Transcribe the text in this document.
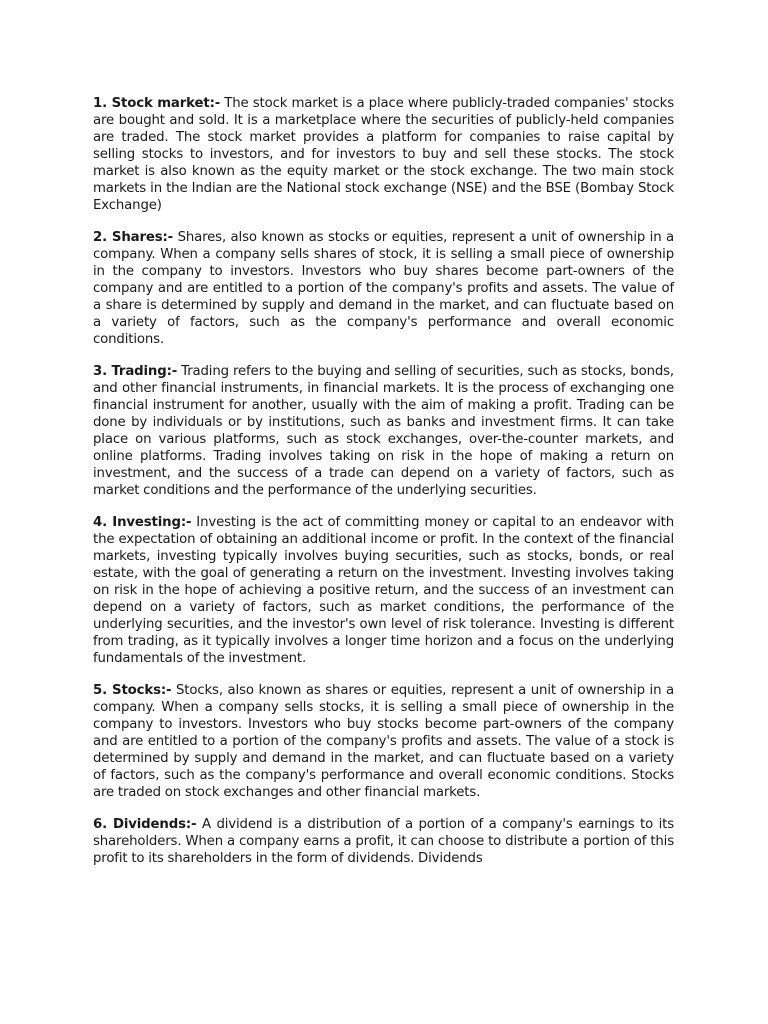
1. Stock market:- The stock market is a place where publicly-traded companies' stocks are bought and sold. It is a marketplace where the securities of publicly-held companies are traded. The stock market provides a platform for companies to raise capital by selling stocks to investors, and for investors to buy and sell these stocks. The stock market is also known as the equity market or the stock exchange. The two main stock markets in the Indian are the National stock exchange (NSE) and the BSE (Bombay Stock Exchange)

2. Shares:- Shares, also known as stocks or equities, represent a unit of ownership in a company. When a company sells shares of stock, it is selling a small piece of ownership in the company to investors. Investors who buy shares become part-owners of the company and are entitled to a portion of the company's profits and assets. The value of a share is determined by supply and demand in the market, and can fluctuate based on a variety of factors, such as the company's performance and overall economic conditions.

3. Trading:- Trading refers to the buying and selling of securities, such as stocks, bonds, and other financial instruments, in financial markets. It is the process of exchanging one financial instrument for another, usually with the aim of making a profit. Trading can be done by individuals or by institutions, such as banks and investment firms. It can take place on various platforms, such as stock exchanges, over-the-counter markets, and online platforms. Trading involves taking on risk in the hope of making a return on investment, and the success of a trade can depend on a variety of factors, such as market conditions and the performance of the underlying securities.

4. Investing:- Investing is the act of committing money or capital to an endeavor with the expectation of obtaining an additional income or profit. In the context of the financial markets, investing typically involves buying securities, such as stocks, bonds, or real estate, with the goal of generating a return on the investment. Investing involves taking on risk in the hope of achieving a positive return, and the success of an investment can depend on a variety of factors, such as market conditions, the performance of the underlying securities, and the investor's own level of risk tolerance. Investing is different from trading, as it typically involves a longer time horizon and a focus on the underlying fundamentals of the investment.

5. Stocks:- Stocks, also known as shares or equities, represent a unit of ownership in a company. When a company sells stocks, it is selling a small piece of ownership in the company to investors. Investors who buy stocks become part-owners of the company and are entitled to a portion of the company's profits and assets. The value of a stock is determined by supply and demand in the market, and can fluctuate based on a variety of factors, such as the company's performance and overall economic conditions. Stocks are traded on stock exchanges and other financial markets.

6. Dividends:- A dividend is a distribution of a portion of a company's earnings to its shareholders. When a company earns a profit, it can choose to distribute a portion of this profit to its shareholders in the form of dividends. Dividends
